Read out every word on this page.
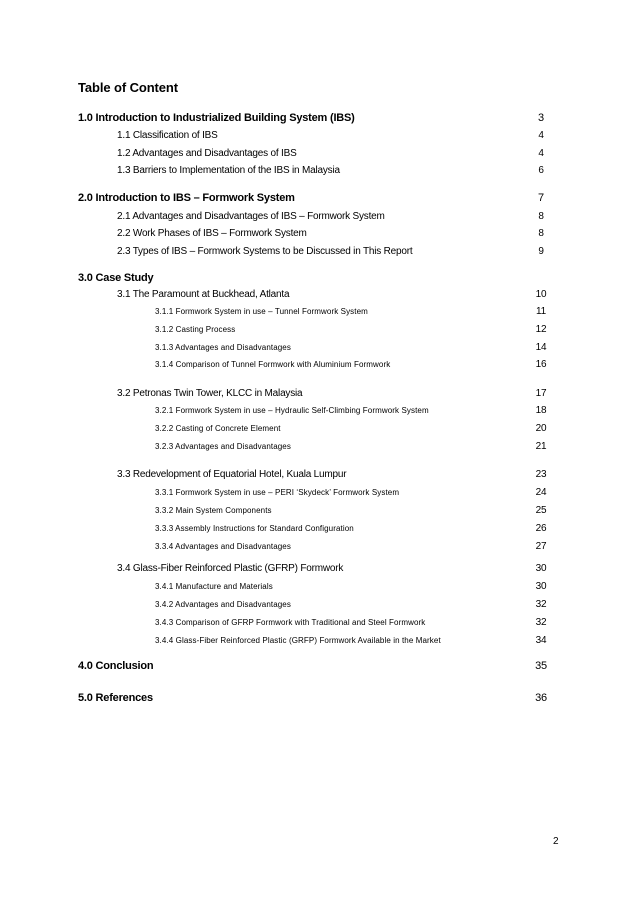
Table of Content
1.0 Introduction to Industrialized Building System (IBS)	3
1.1 Classification of IBS	4
1.2 Advantages and Disadvantages of IBS	4
1.3 Barriers to Implementation of the IBS in Malaysia	6
2.0 Introduction to IBS – Formwork System	7
2.1 Advantages and Disadvantages of IBS – Formwork System	8
2.2 Work Phases of IBS – Formwork System	8
2.3 Types of IBS – Formwork Systems to be Discussed in This Report	9
3.0 Case Study
3.1 The Paramount at Buckhead, Atlanta	10
3.1.1 Formwork System in use – Tunnel Formwork System	11
3.1.2 Casting Process	12
3.1.3 Advantages and Disadvantages	14
3.1.4 Comparison of Tunnel Formwork with Aluminium Formwork	16
3.2 Petronas Twin Tower, KLCC in Malaysia	17
3.2.1 Formwork System in use – Hydraulic Self-Climbing Formwork System	18
3.2.2 Casting of Concrete Element	20
3.2.3 Advantages and Disadvantages	21
3.3 Redevelopment of Equatorial Hotel, Kuala Lumpur	23
3.3.1 Formwork System in use – PERI ‘Skydeck’ Formwork System	24
3.3.2 Main System Components	25
3.3.3 Assembly Instructions for Standard Configuration	26
3.3.4 Advantages and Disadvantages	27
3.4 Glass-Fiber Reinforced Plastic (GFRP) Formwork	30
3.4.1 Manufacture and Materials	30
3.4.2 Advantages and Disadvantages	32
3.4.3 Comparison of GFRP Formwork with Traditional and Steel Formwork	32
3.4.4 Glass-Fiber Reinforced Plastic (GRFP) Formwork Available in the Market	34
4.0 Conclusion	35
5.0 References	36
2
